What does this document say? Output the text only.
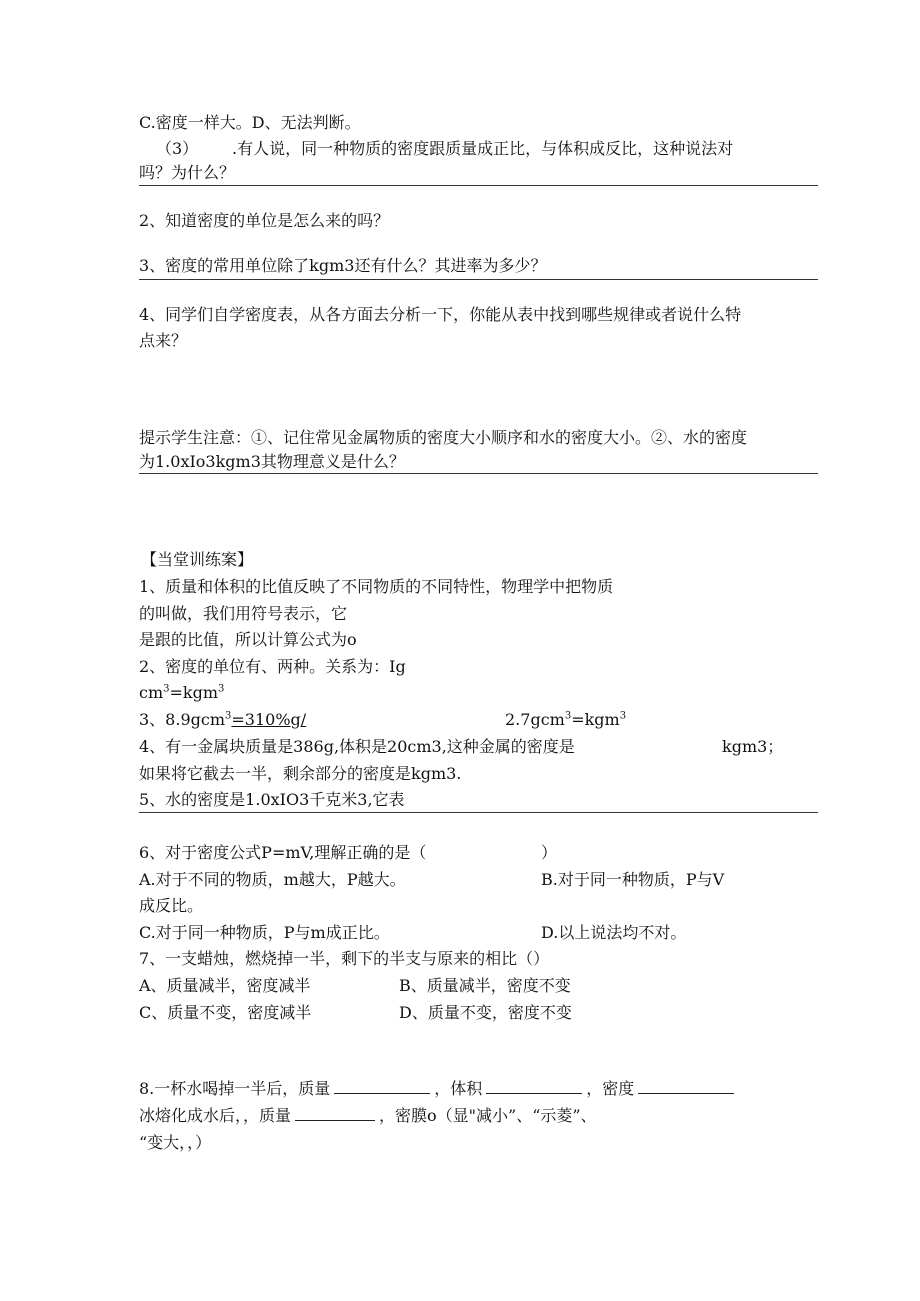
C.密度一样大。D、无法判断。
（3） .有人说，同一种物质的密度跟质量成正比，与体积成反比，这种说法对
吗？为什么？
2、知道密度的单位是怎么来的吗？
3、密度的常用单位除了kgm3还有什么？其进率为多少？
4、同学们自学密度表，从各方面去分析一下，你能从表中找到哪些规律或者说什么特
点来？
提示学生注意：①、记住常见金属物质的密度大小顺序和水的密度大小。②、水的密度
为1.0xIo3kgm3其物理意义是什么？
【当堂训练案】
1、质量和体积的比值反映了不同物质的不同特性，物理学中把物质
的叫做，我们用符号表示，它
是跟的比值，所以计算公式为o
2、密度的单位有、两种。关系为：Ig
$cm^3=kgm^3$
3、8.9gcm$^3$=310%g/	2.7gcm$^3$=kgm$^3$
4、有一金属块质量是386g,体积是20cm3,这种金属的密度是	kgm3；
如果将它截去一半，剩余部分的密度是kgm3.
5、水的密度是1.0xIO3千克米3,它表
6、对于密度公式P=mV,理解正确的是（	）
A.对于不同的物质，m越大，P越大。	B.对于同一种物质，P与V
成反比。
C.对于同一种物质，P与m成正比。	D.以上说法均不对。
7、一支蜡烛，燃烧掉一半，剩下的半支与原来的相比（）
A、质量减半，密度减半	B、质量减半，密度不变
C、质量不变，密度减半	D、质量不变，密度不变
8.一杯水喝掉一半后，质量	，体积	，密度
冰熔化成水后，，质量	，密膜o（显"减小”、“示菱”、
“变大，，）
